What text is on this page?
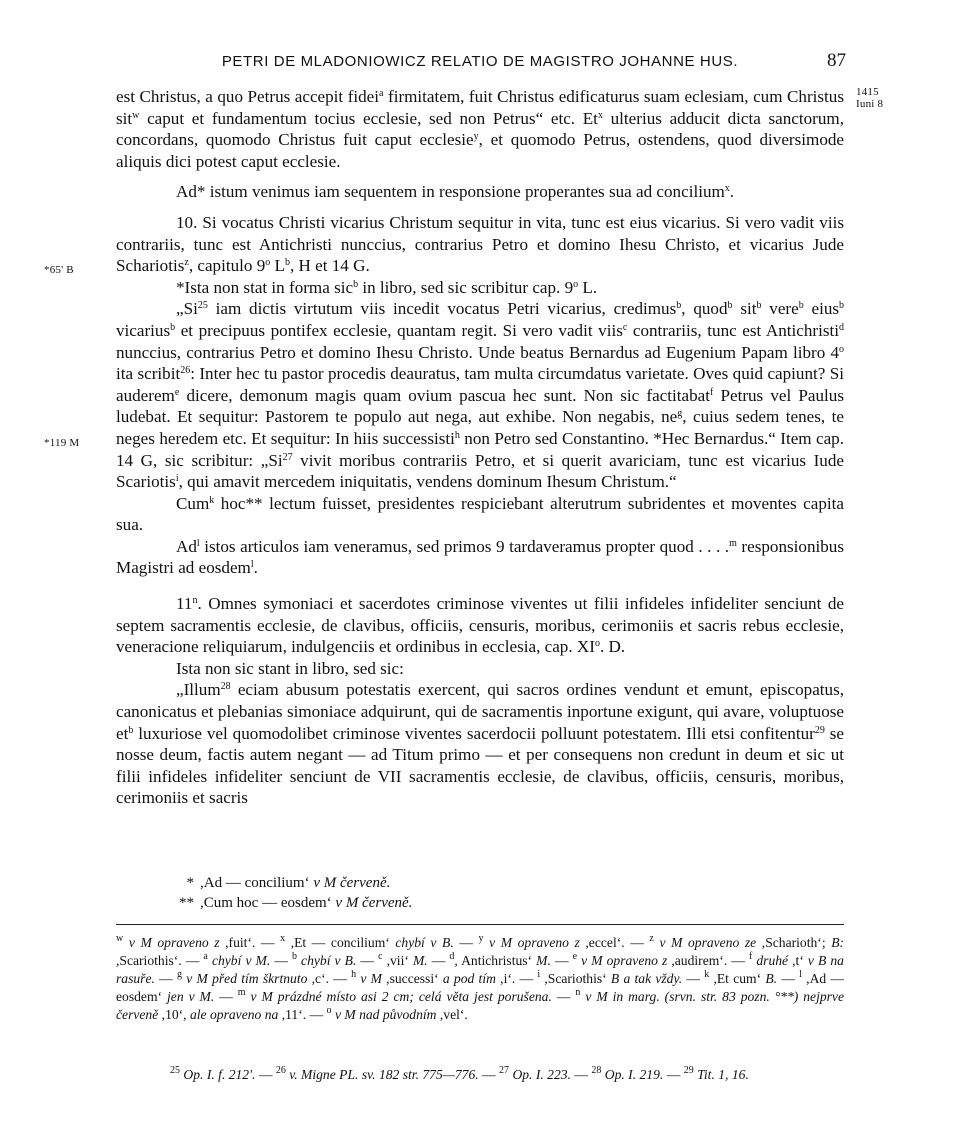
PETRI DE MLADONIOWICZ RELATIO DE MAGISTRO JOHANNE HUS.	87
1415
Iuni 8
*65' B
*119 M

est Christus, a quo Petrus accepit fidei$^a$ firmitatem, fuit Christus edificaturus suam eclesiam, cum Christus sit$^w$ caput et fundamentum tocius ecclesie, sed non Petrus“ etc. Et$^x$ ulterius adducit dicta sanctorum, concordans, quomodo Christus fuit caput ecclesie$^y$, et quomodo Petrus, ostendens, quod diversimode aliquis dici potest caput ecclesie.

Ad* istum venimus iam sequentem in responsione properantes sua ad concilium$^x$.

10. Si vocatus Christi vicarius Christum sequitur in vita, tunc est eius vicarius. Si vero vadit viis contrariis, tunc est Antichristi nunccius, contrarius Petro et domino Ihesu Christo, et vicarius Jude Schariotis$^z$, capitulo 9$^o$ $L^b$, H et 14 G.

*Ista non stat in forma sic$^b$ in libro, sed sic scribitur cap. 9$^o$ L.

„Si$^{25}$ iam dictis virtutum viis incedit vocatus Petri vicarius, credimus$^b$, quod$^b$ sit$^b$ vere$^b$ eius$^b$ vicarius$^b$ et precipuus pontifex ecclesie, quantam regit. Si vero vadit viis$^c$ contrariis, tunc est Antichristi$^d$ nunccius, contrarius Petro et domino Ihesu Christo. Unde beatus Bernardus ad Eugenium Papam libro 4$^o$ ita scribit$^{26}$: Inter hec tu pastor procedis deauratus, tam multa circumdatus varietate. Oves quid capiunt? Si auderem$^e$ dicere, demonum magis quam ovium pascua hec sunt. Non sic factitabat$^f$ Petrus vel Paulus ludebat. Et sequitur: Pastorem te populo aut nega, aut exhibe. Non negabis, $ne^g$, cuius sedem tenes, te neges heredem etc. Et sequitur: In hiis successisti$^h$ non Petro sed Constantino. *Hec Bernardus.“ Item cap. 14 G, sic scribitur: „Si$^{27}$ vivit moribus contrariis Petro, et si querit avariciam, tunc est vicarius Iude Scariotis$^i$, qui amavit mercedem iniquitatis, vendens dominum Ihesum Christum.“

Cum$^k$ hoc** lectum fuisset, presidentes respiciebant alterutrum subridentes et moventes capita sua.

Ad$^l$ istos articulos iam veneramus, sed primos 9 tardaveramus propter quod . . . .$^m$ responsionibus Magistri ad eosdem$^l$.

11$^n$. Omnes symoniaci et sacerdotes criminose viventes ut filii infideles infideliter senciunt de septem sacramentis ecclesie, de clavibus, officiis, censuris, moribus, cerimoniis et sacris rebus ecclesie, veneracione reliquiarum, indulgenciis et ordinibus in ecclesia, cap. $XI^o$. D.

Ista non sic stant in libro, sed sic:

„Illum$^{28}$ eciam abusum potestatis exercent, qui sacros ordines vendunt et emunt, episcopatus, canonicatus et plebanias simoniace adquirunt, qui de sacramentis inportune exigunt, qui avare, voluptuose $et^b$ luxuriose vel quomodolibet criminose viventes sacerdocii polluunt potestatem. Illi etsi confitentur$^{29}$ se nosse deum, factis autem negant — ad Titum primo — et per consequens non credunt in deum et sic ut filii infideles infideliter senciunt de VII sacramentis ecclesie, de clavibus, officiis, censuris, moribus, cerimoniis et sacris

* ,Ad — concilium‘ v M červeně.
** ,Cum hoc — eosdem‘ v M červeně.
$^w$ v M opraveno z ,fuit‘. — $^x$ ,Et — concilium‘ chybí v B. — $^y$ v M opraveno z ,eccel‘. — $^z$ v M opraveno ze ,Scharioth‘; B: ,Scariothis‘. — $^a$ chybí v M. — $^b$ chybí v B. — $^c$ ,vii‘ M. — $^d$, Antichristus‘ M. — $^e$ v M opraveno z ,audirem‘. — $^f$ druhé ,t‘ v B na rasuře. — $^g$ v M před tím škrtnuto ,c‘. — $^h$ v M ,successi‘ a pod tím ,i‘. — $^i$ ,Scariothis‘ B a tak vždy. — $^k$ ,Et cum‘ B. — $^l$ ,Ad — eosdem‘ jen v M. — $^m$ v M prázdné místo asi 2 cm; celá věta jest porušena. — $^n$ v M in marg. (srvn. str. 83 pozn. °**) nejprve červeně ,10‘, ale opraveno na ,11‘. — $^o$ v M nad původním ,vel‘.
$^{25}$ Op. I. f. 212'. — $^{26}$ v. Migne PL. sv. 182 str. 775—776. — $^{27}$ Op. I. 223. — $^{28}$ Op. I. 219. — $^{29}$ Tit. 1, 16.
